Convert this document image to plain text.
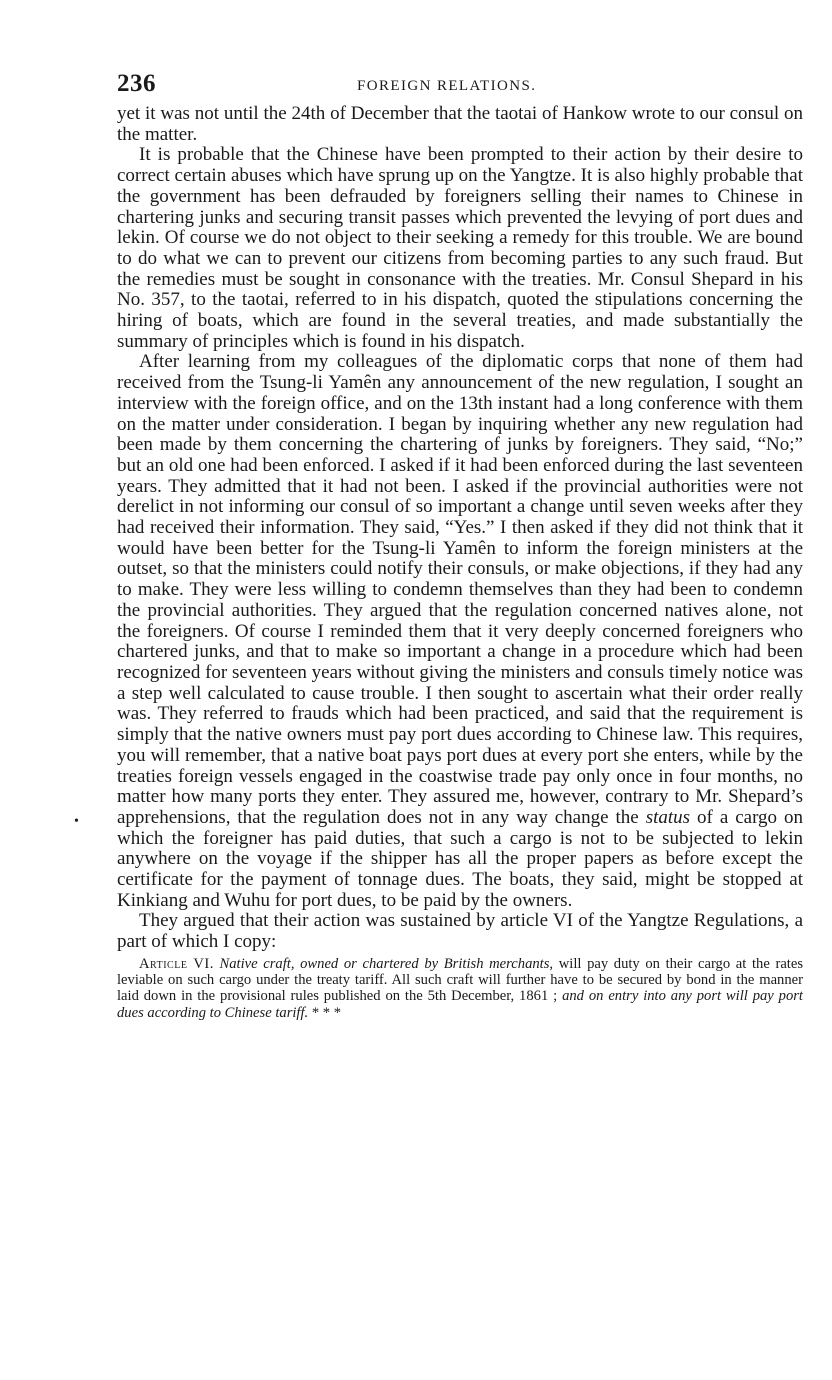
236	FOREIGN RELATIONS.

yet it was not until the 24th of December that the taotai of Hankow wrote to our consul on the matter.

It is probable that the Chinese have been prompted to their action by their desire to correct certain abuses which have sprung up on the Yangtze. It is also highly probable that the government has been defrauded by foreigners selling their names to Chinese in chartering junks and securing transit passes which prevented the levying of port dues and lekin. Of course we do not object to their seeking a remedy for this trouble. We are bound to do what we can to prevent our citizens from becoming parties to any such fraud. But the remedies must be sought in consonance with the treaties. Mr. Consul Shepard in his No. 357, to the taotai, referred to in his dispatch, quoted the stipulations concerning the hiring of boats, which are found in the several treaties, and made substantially the summary of principles which is found in his dispatch.

After learning from my colleagues of the diplomatic corps that none of them had received from the Tsung-li Yamên any announcement of the new regulation, I sought an interview with the foreign office, and on the 13th instant had a long conference with them on the matter under consideration. I began by inquiring whether any new regulation had been made by them concerning the chartering of junks by foreigners. They said, “No;” but an old one had been enforced. I asked if it had been enforced during the last seventeen years. They admitted that it had not been. I asked if the provincial authorities were not derelict in not informing our consul of so important a change until seven weeks after they had received their information. They said, “Yes.” I then asked if they did not think that it would have been better for the Tsung-li Yamên to inform the foreign ministers at the outset, so that the ministers could notify their consuls, or make objections, if they had any to make. They were less willing to condemn themselves than they had been to condemn the provincial authorities. They argued that the regulation concerned natives alone, not the foreigners. Of course I reminded them that it very deeply concerned foreigners who chartered junks, and that to make so important a change in a procedure which had been recognized for seventeen years without giving the ministers and consuls timely notice was a step well calculated to cause trouble. I then sought to ascertain what their order really was. They referred to frauds which had been practiced, and said that the requirement is simply that the native owners must pay port dues according to Chinese law. This requires, you will remember, that a native boat pays port dues at every port she enters, while by the treaties foreign vessels engaged in the coastwise trade pay only once in four months, no matter how many ports they enter. They assured me, however, contrary to Mr. Shepard’s apprehensions, that the regulation does not in any way change the status of a cargo on which the foreigner has paid duties, that such a cargo is not to be subjected to lekin anywhere on the voyage if the shipper has all the proper papers as before except the certificate for the payment of tonnage dues. The boats, they said, might be stopped at Kinkiang and Wuhu for port dues, to be paid by the owners.

They argued that their action was sustained by article VI of the Yangtze Regulations, a part of which I copy:

Article VI. Native craft, owned or chartered by British merchants, will pay duty on their cargo at the rates leviable on such cargo under the treaty tariff. All such craft will further have to be secured by bond in the manner laid down in the provisional rules published on the 5th December, 1861 ; and on entry into any port will pay port dues according to Chinese tariff. * * *

•
